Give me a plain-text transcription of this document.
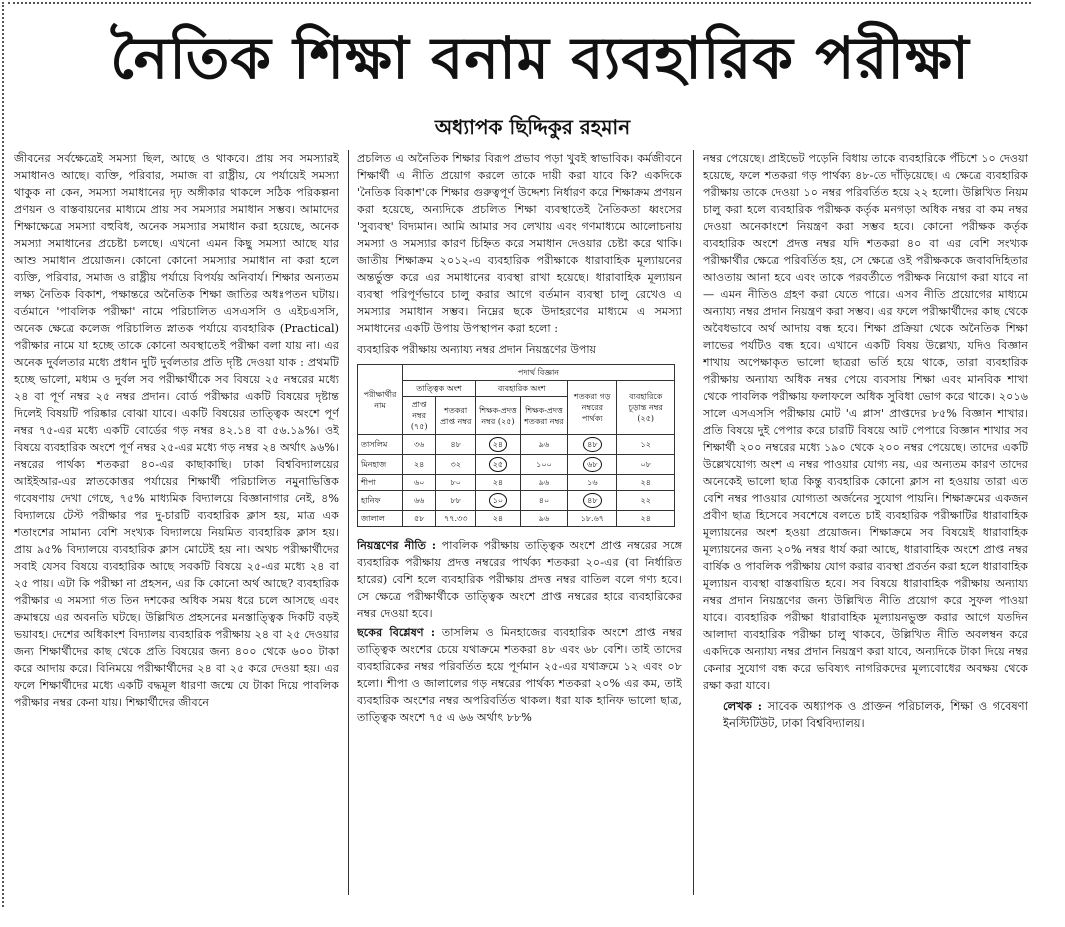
নৈতিক শিক্ষা বনাম ব্যবহারিক পরীক্ষা
অধ্যাপক ছিদ্দিকুর রহমান

জীবনের সর্বক্ষেত্রেই সমস্যা ছিল, আছে ও থাকবে। প্রায় সব সমস্যারই সমাধানও আছে। ব্যক্তি, পরিবার, সমাজ বা রাষ্ট্রীয়, যে পর্যায়েই সমস্যা থাকুক না কেন, সমস্যা সমাধানের দৃঢ় অঙ্গীকার থাকলে সঠিক পরিকল্পনা প্রণয়ন ও বাস্তবায়নের মাধ্যমে প্রায় সব সমস্যার সমাধান সম্ভব। আমাদের শিক্ষাক্ষেত্রে সমস্যা বহুবিধ, অনেক সমস্যার সমাধান করা হয়েছে, অনেক সমস্যা সমাধানের প্রচেষ্টা চলছে। এখনো এমন কিছু সমস্যা আছে যার আশু সমাধান প্রয়োজন। কোনো কোনো সমস্যার সমাধান না করা হলে ব্যক্তি, পরিবার, সমাজ ও রাষ্ট্রীয় পর্যায়ে বিপর্যয় অনিবার্য। শিক্ষার অন্যতম লক্ষ্য নৈতিক বিকাশ, পক্ষান্তরে অনৈতিক শিক্ষা জাতির অধঃপতন ঘটায়। বর্তমানে 'পাবলিক পরীক্ষা' নামে পরিচালিত এসএসসি ও এইচএসসি, অনেক ক্ষেত্রে কলেজ পরিচালিত স্নাতক পর্যায়ে ব্যবহারিক (Practical) পরীক্ষার নামে যা হচ্ছে তাকে কোনো অবস্থাতেই পরীক্ষা বলা যায় না। এর অনেক দুর্বলতার মধ্যে প্রধান দুটি দুর্বলতার প্রতি দৃষ্টি দেওয়া যাক : প্রথমটি হচ্ছে ভালো, মধ্যম ও দুর্বল সব পরীক্ষার্থীকে সব বিষয়ে ২৫ নম্বরের মধ্যে ২৪ বা পূর্ণ নম্বর ২৫ নম্বর প্রদান। বোর্ড পরীক্ষার একটি বিষয়ের দৃষ্টান্ত দিলেই বিষয়টি পরিষ্কার বোঝা যাবে। একটি বিষয়ের তাত্ত্বিক অংশে পূর্ণ নম্বর ৭৫-এর মধ্যে একটি বোর্ডের গড় নম্বর ৪২.১৪ বা ৫৬.১৯%। ওই বিষয়ে ব্যবহারিক অংশে পূর্ণ নম্বর ২৫-এর মধ্যে গড় নম্বর ২৪ অর্থাৎ ৯৬%। নম্বরের পার্থক্য শতকরা ৪০-এর কাছাকাছি। ঢাকা বিশ্ববিদ্যালয়ের আইইআর-এর স্নাতকোত্তর পর্যায়ের শিক্ষার্থী পরিচালিত নমুনাভিত্তিক গবেষণায় দেখা গেছে, ৭৫% মাধ্যমিক বিদ্যালয়ে বিজ্ঞানাগার নেই, ৪% বিদ্যালয়ে টেস্ট পরীক্ষার পর দু-চারটি ব্যবহারিক ক্লাস হয়, মাত্র এক শতাংশের সামান্য বেশি সংখ্যক বিদ্যালয়ে নিয়মিত ব্যবহারিক ক্লাস হয়। প্রায় ৯৫% বিদ্যালয়ে ব্যবহারিক ক্লাস মোটেই হয় না। অথচ পরীক্ষার্থীদের সবাই যেসব বিষয়ে ব্যবহারিক আছে সবকটি বিষয়ে ২৫-এর মধ্যে ২৪ বা ২৫ পায়। এটা কি পরীক্ষা না প্রহসন, এর কি কোনো অর্থ আছে? ব্যবহারিক পরীক্ষার এ সমস্যা গত তিন দশকের অধিক সময় ধরে চলে আসছে এবং ক্রমান্বয়ে এর অবনতি ঘটছে। উল্লিখিত প্রহসনের মনস্তাত্ত্বিক দিকটি বড়ই ভয়াবহ। দেশের অধিকাংশ বিদ্যালয় ব্যবহারিক পরীক্ষায় ২৪ বা ২৫ দেওয়ার জন্য শিক্ষার্থীদের কাছ থেকে প্রতি বিষয়ের জন্য ৪০০ থেকে ৬০০ টাকা করে আদায় করে। বিনিময়ে পরীক্ষার্থীদের ২৪ বা ২৫ করে দেওয়া হয়। এর ফলে শিক্ষার্থীদের মধ্যে একটি বদ্ধমূল ধারণা জন্মে যে টাকা দিয়ে পাবলিক পরীক্ষার নম্বর কেনা যায়। শিক্ষার্থীদের জীবনে

প্রচলিত এ অনৈতিক শিক্ষার বিরূপ প্রভাব পড়া খুবই স্বাভাবিক। কর্মজীবনে শিক্ষার্থী এ নীতি প্রয়োগ করলে তাকে দায়ী করা যাবে কি? একদিকে 'নৈতিক বিকাশ'কে শিক্ষার গুরুত্বপূর্ণ উদ্দেশ্য নির্ধারণ করে শিক্ষাক্রম প্রণয়ন করা হয়েছে, অন্যদিকে প্রচলিত শিক্ষা ব্যবস্থাতেই নৈতিকতা ধ্বংসের 'সুব্যবস্থ' বিদ্যমান। আমি আমার সব লেখায় এবং গণমাধ্যমে আলোচনায় সমস্যা ও সমস্যার কারণ চিহ্নিত করে সমাধান দেওয়ার চেষ্টা করে থাকি। জাতীয় শিক্ষাক্রম ২০১২-এ ব্যবহারিক পরীক্ষাকে ধারাবাহিক মূল্যায়নের অন্তর্ভুক্ত করে এর সমাধানের ব্যবস্থা রাখা হয়েছে। ধারাবাহিক মূল্যায়ন ব্যবস্থা পরিপূর্ণভাবে চালু করার আগে বর্তমান ব্যবস্থা চালু রেখেও এ সমস্যার সমাধান সম্ভব। নিম্নের ছকে উদাহরণের মাধ্যমে এ সমস্যা সমাধানের একটি উপায় উপস্থাপন করা হলো :

ব্যবহারিক পরীক্ষায় অন্যায্য নম্বর প্রদান নিয়ন্ত্রণের উপায়
পরীক্ষার্থীর নাম	পদার্থ বিজ্ঞান					
	তাত্ত্বিক অংশ		ব্যবহারিক অংশ		শতকরা গড় নম্বরের পার্থক্য	ব্যবহারিকে চূড়ান্ত নম্বর (২৫)
	প্রাপ্ত নম্বর (৭৫)	শতকরা প্রাপ্ত নম্বর	শিক্ষক-প্রদত্ত নম্বর (২৫)	শিক্ষক-প্রদত্ত শতকরা নম্বর		
তাসলিম	৩৬	৪৮	২৪	৯৬	৪৮	১২
মিনহাজ	২৪	৩২	২৫	১০০	৬৮	০৮
শীপা	৬০	৮০	২৪	৯৬	১৬	২৪
হানিফ	৬৬	৮৮	১০	৪০	৪৮	২২
জালাল	৫৮	৭৭.৩৩	২৪	৯৬	১৮.৬৭	২৪

নিয়ন্ত্রণের নীতি : পাবলিক পরীক্ষায় তাত্ত্বিক অংশে প্রাপ্ত নম্বরের সঙ্গে ব্যবহারিক পরীক্ষায় প্রদত্ত নম্বরের পার্থক্য শতকরা ২০-এর (বা নির্ধারিত হারের) বেশি হলে ব্যবহারিক পরীক্ষায় প্রদত্ত নম্বর বাতিল বলে গণ্য হবে। সে ক্ষেত্রে পরীক্ষার্থীকে তাত্ত্বিক অংশে প্রাপ্ত নম্বরের হারে ব্যবহারিকের নম্বর দেওয়া হবে।

ছকের বিশ্লেষণ : তাসলিম ও মিনহাজের ব্যবহারিক অংশে প্রাপ্ত নম্বর তাত্ত্বিক অংশের চেয়ে যথাক্রমে শতকরা ৪৮ এবং ৬৮ বেশি। তাই তাদের ব্যবহারিকের নম্বর পরিবর্তিত হয়ে পূর্ণমান ২৫-এর যথাক্রমে ১২ এবং ০৮ হলো। শীপা ও জালালের গড় নম্বরের পার্থক্য শতকরা ২০% এর কম, তাই ব্যবহারিক অংশের নম্বর অপরিবর্তিত থাকল। ধরা যাক হানিফ ভালো ছাত্র, তাত্ত্বিক অংশে ৭৫ এ ৬৬ অর্থাৎ ৮৮%

নম্বর পেয়েছে। প্রাইভেট পড়েনি বিধায় তাকে ব্যবহারিকে পঁচিশে ১০ দেওয়া হয়েছে, ফলে শতকরা গড় পার্থক্য ৪৮-তে দাঁড়িয়েছে। এ ক্ষেত্রে ব্যবহারিক পরীক্ষায় তাকে দেওয়া ১০ নম্বর পরিবর্তিত হয়ে ২২ হলো। উল্লিখিত নিয়ম চালু করা হলে ব্যবহারিক পরীক্ষক কর্তৃক মনগড়া অধিক নম্বর বা কম নম্বর দেওয়া অনেকাংশে নিয়ন্ত্রণ করা সম্ভব হবে। কোনো পরীক্ষক কর্তৃক ব্যবহারিক অংশে প্রদত্ত নম্বর যদি শতকরা ৪০ বা এর বেশি সংখ্যক পরীক্ষার্থীর ক্ষেত্রে পরিবর্তিত হয়, সে ক্ষেত্রে ওই পরীক্ষককে জবাবদিহিতার আওতায় আনা হবে এবং তাকে পরবর্তীতে পরীক্ষক নিয়োগ করা যাবে না— এমন নীতিও গ্রহণ করা যেতে পারে। এসব নীতি প্রয়োগের মাধ্যমে অন্যায্য নম্বর প্রদান নিয়ন্ত্রণ করা সম্ভব। এর ফলে পরীক্ষার্থীদের কাছ থেকে অবৈধভাবে অর্থ আদায় বন্ধ হবে। শিক্ষা প্রক্রিয়া থেকে অনৈতিক শিক্ষা লাভের পর্যটিও বন্ধ হবে। এখানে একটি বিষয় উল্লেখ্য, যদিও বিজ্ঞান শাখায় অপেক্ষাকৃত ভালো ছাত্ররা ভর্তি হয়ে থাকে, তারা ব্যবহারিক পরীক্ষায় অন্যায্য অধিক নম্বর পেয়ে ব্যবসায় শিক্ষা এবং মানবিক শাখা থেকে পাবলিক পরীক্ষায় ফলাফলে অধিক সুবিধা ভোগ করে থাকে। ২০১৬ সালে এসএসসি পরীক্ষায় মোট 'এ প্লাস' প্রাপ্তদের ৮৫% বিজ্ঞান শাখার। প্রতি বিষয়ে দুই পেপার করে চারটি বিষয়ে আট পেপারে বিজ্ঞান শাখার সব শিক্ষার্থী ২০০ নম্বরের মধ্যে ১৯০ থেকে ২০০ নম্বর পেয়েছে। তাদের একটি উল্লেখযোগ্য অংশ এ নম্বর পাওয়ার যোগ্য নয়, এর অন্যতম কারণ তাদের অনেকেই ভালো ছাত্র কিন্তু ব্যবহারিক কোনো ক্লাস না হওয়ায় তারা এত বেশি নম্বর পাওয়ার যোগ্যতা অর্জনের সুযোগ পায়নি। শিক্ষাক্রমের একজন প্রবীণ ছাত্র হিসেবে সবশেষে বলতে চাই ব্যবহারিক পরীক্ষাটির ধারাবাহিক মূল্যায়নের অংশ হওয়া প্রয়োজন। শিক্ষাক্রমে সব বিষয়েই ধারাবাহিক মূল্যায়নের জন্য ২০% নম্বর ধার্য করা আছে, ধারাবাহিক অংশে প্রাপ্ত নম্বর বার্ষিক ও পাবলিক পরীক্ষায় যোগ করার ব্যবস্থা প্রবর্তন করা হলে ধারাবাহিক মূল্যায়ন ব্যবস্থা বাস্তবায়িত হবে। সব বিষয়ে ধারাবাহিক পরীক্ষায় অন্যায্য নম্বর প্রদান নিয়ন্ত্রণের জন্য উল্লিখিত নীতি প্রয়োগ করে সুফল পাওয়া যাবে। ব্যবহারিক পরীক্ষা ধারাবাহিক মূল্যায়নভুক্ত করার আগে যতদিন আলাদা ব্যবহারিক পরীক্ষা চালু থাকবে, উল্লিখিত নীতি অবলম্বন করে একদিকে অন্যায্য নম্বর প্রদান নিয়ন্ত্রণ করা যাবে, অন্যদিকে টাকা দিয়ে নম্বর কেনার সুযোগ বন্ধ করে ভবিষ্যৎ নাগরিকদের মূল্যবোধের অবক্ষয় থেকে রক্ষা করা যাবে।

লেখক : সাবেক অধ্যাপক ও প্রাক্তন পরিচালক, শিক্ষা ও গবেষণা ইনস্টিটিউট, ঢাকা বিশ্ববিদ্যালয়।
